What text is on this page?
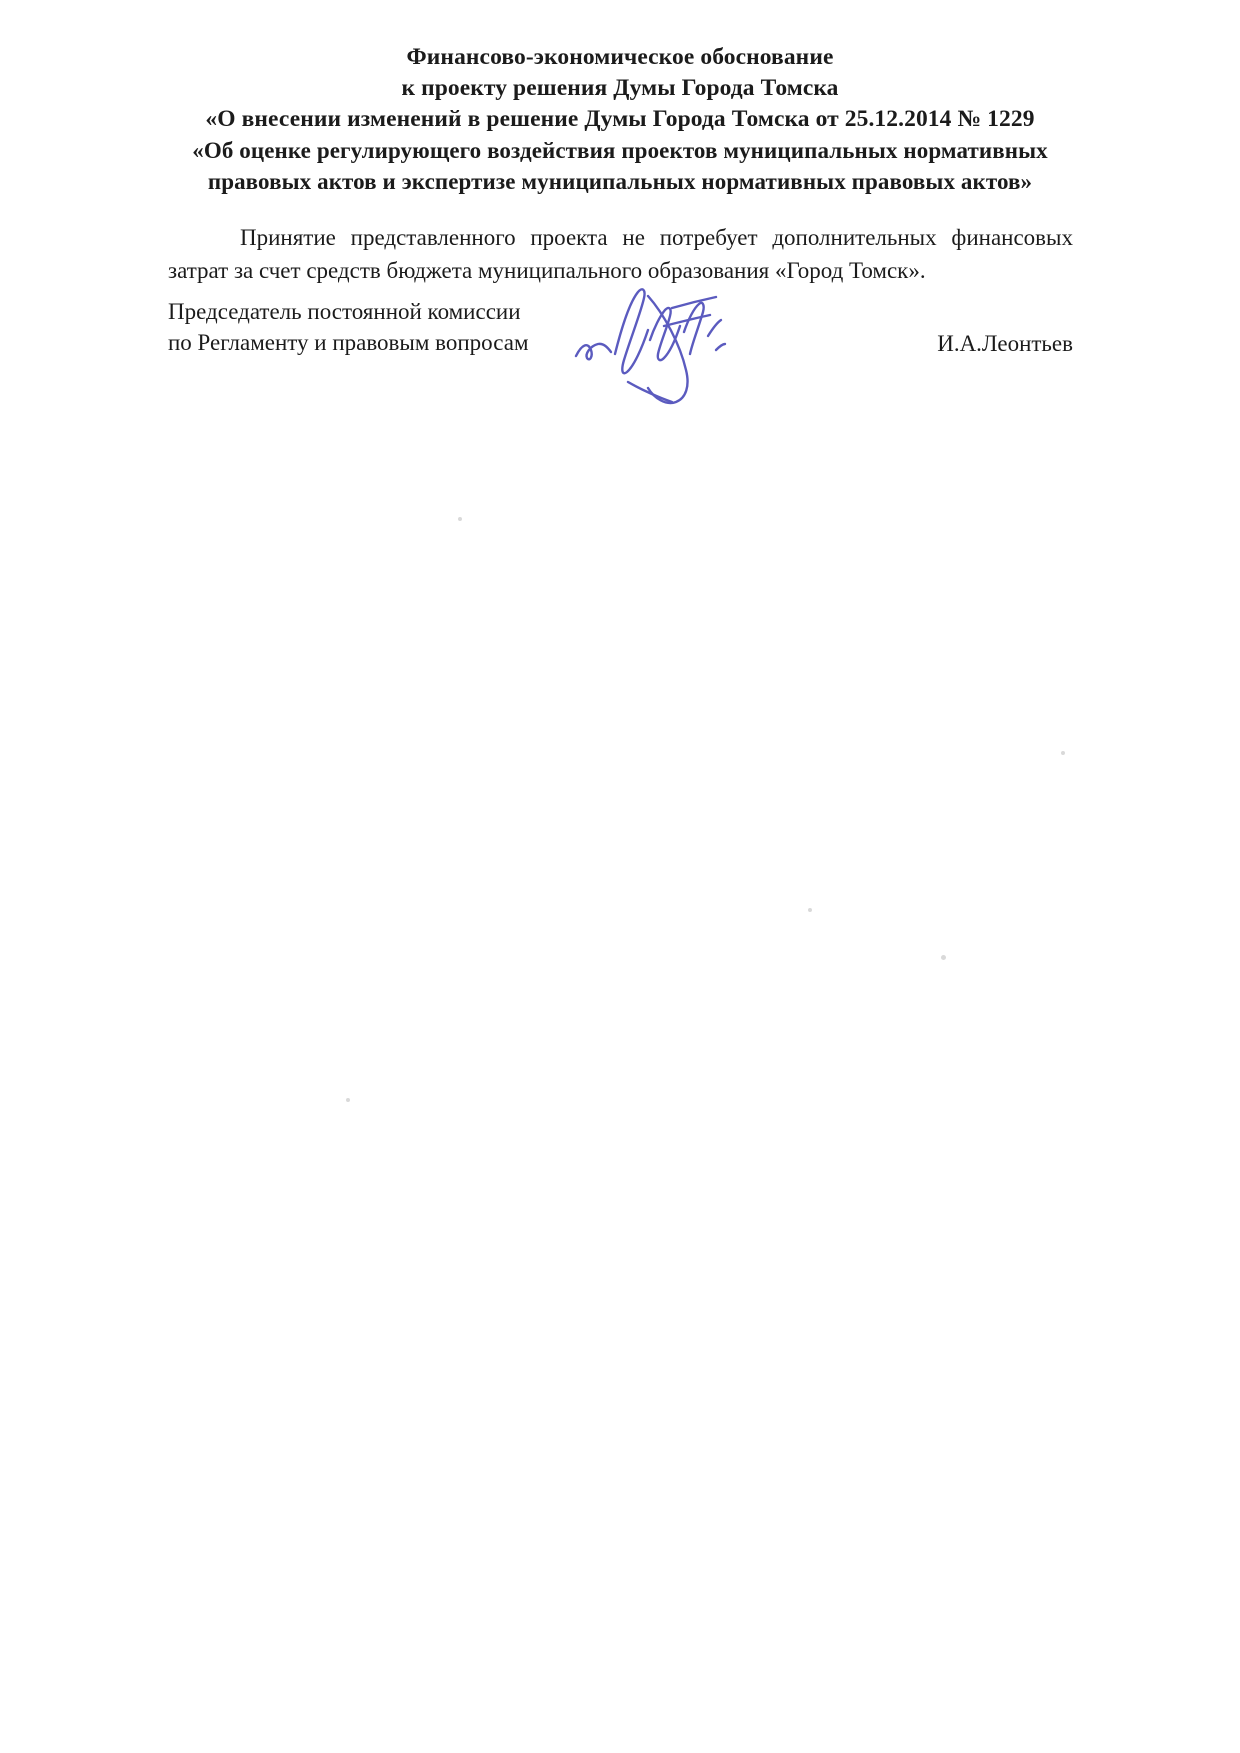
Финансово-экономическое обоснование
к проекту решения Думы Города Томска
«О внесении изменений в решение Думы Города Томска от 25.12.2014 № 1229
«Об оценке регулирующего воздействия проектов муниципальных нормативных
правовых актов и экспертизе муниципальных нормативных правовых актов»

Принятие представленного проекта не потребует дополнительных финансовых затрат за счет средств бюджета муниципального образования «Город Томск».

Председатель постоянной комиссии
по Регламенту и правовым вопросам	И.А.Леонтьев
